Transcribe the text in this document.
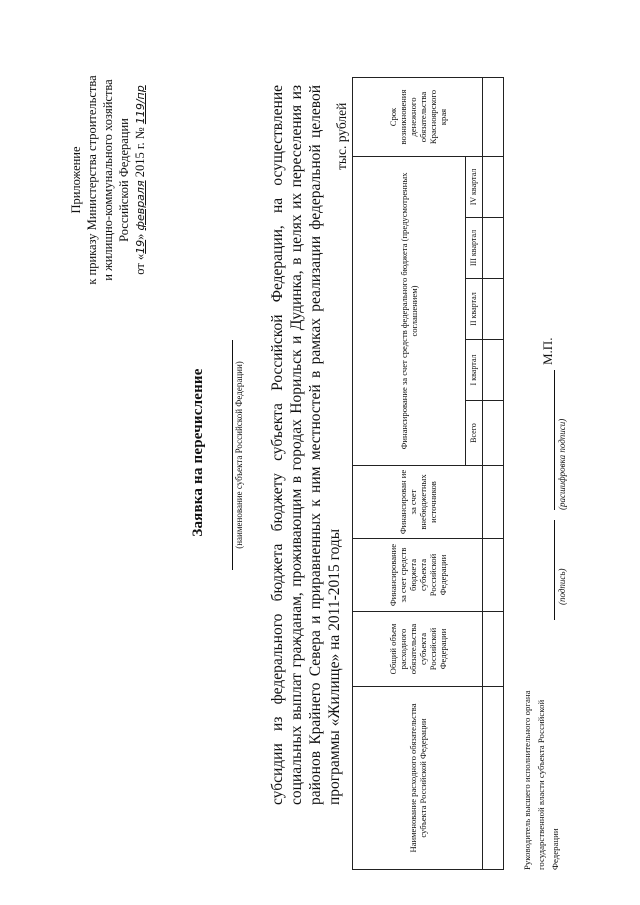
Приложение к приказу Министерства строительства и жилищно-коммунального хозяйства Российской Федерации
от «19» февраля 2015 г. № 119/пр
Заявка на перечисление	(наименование субъекта Российской Федерации) субсидии из федерального бюджета бюджету субъекта Российской Федерации, на осуществление социальных выплат гражданам, проживающим в городах Норильск и Дудинка, в целях их переселения из районов Крайнего Севера и приравненных к ним местностей в рамках реализации федеральной целевой программы «Жилище» на 2011-2015 годы
тыс. рублей
Наименование расходного обязательства субъекта Российской Федерации	Общий объем расходного обязательства субъекта Российской Федерации	Финансирование за счет средств бюджета субъекта Российской Федерации	Финансирован ие за счет внебюджетных источников	Финансирование за счет средств федерального бюджета (предусмотренных соглашением)					Срок возникновения денежного обязательства Красноярского края
				Всего	I квартал	II квартал	III квартал	IV квартал	

Руководитель высшего исполнительного органа государственной власти субъекта Российской Федерации
(подпись)
(расшифровка подписи)
М.П.
